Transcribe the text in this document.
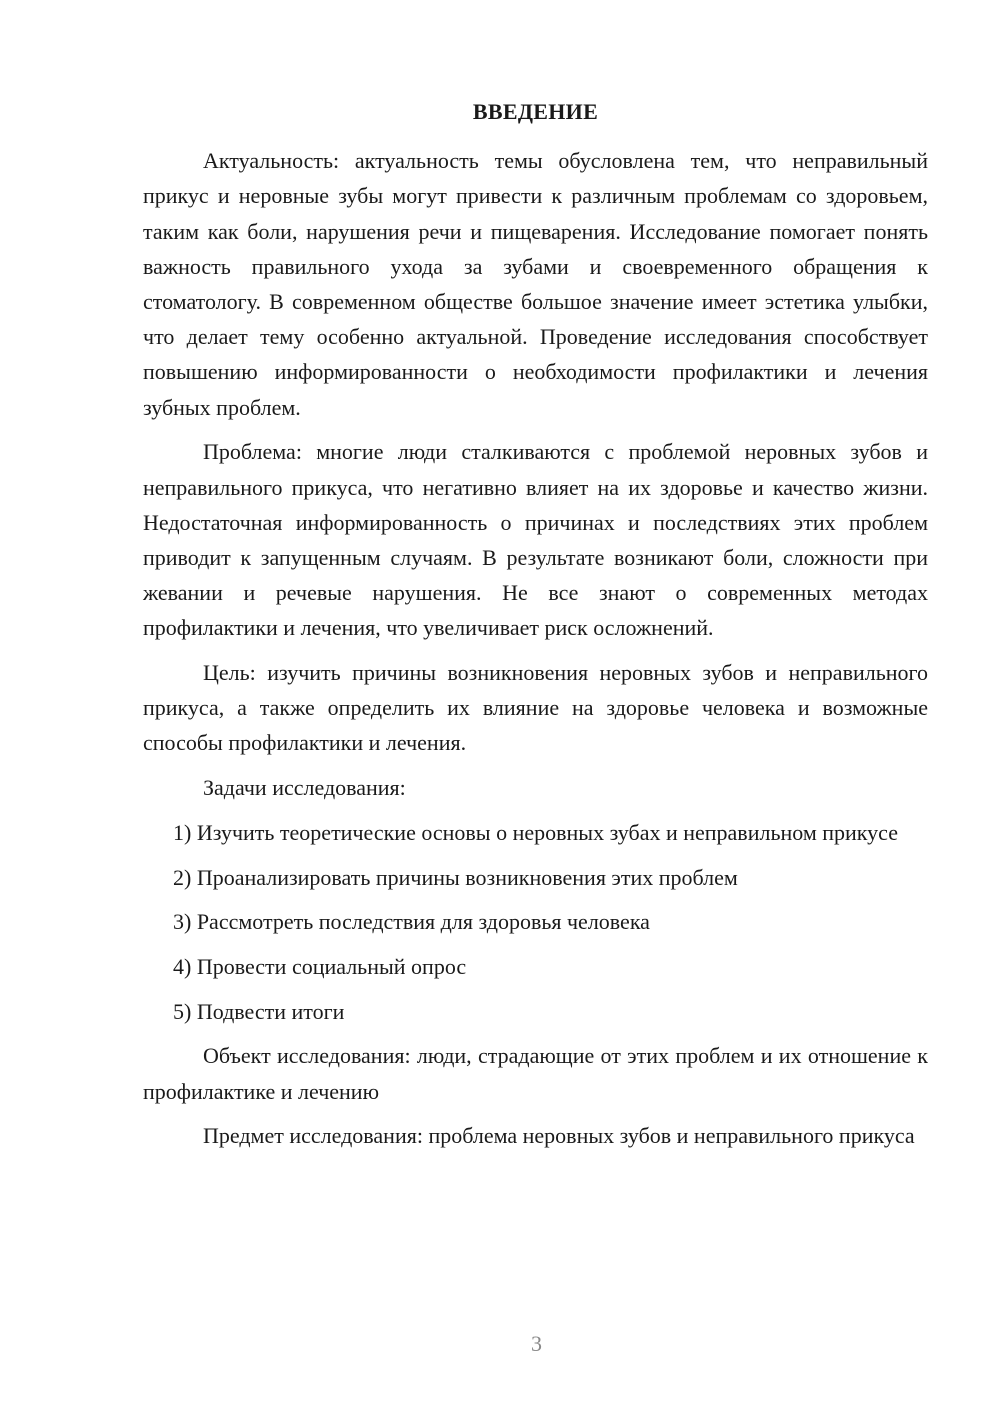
ВВЕДЕНИЕ

Актуальность: актуальность темы обусловлена тем, что неправильный прикус и неровные зубы могут привести к различным проблемам со здоровьем, таким как боли, нарушения речи и пищеварения. Исследование помогает понять важность правильного ухода за зубами и своевременного обращения к стоматологу. В современном обществе большое значение имеет эстетика улыбки, что делает тему особенно актуальной. Проведение исследования способствует повышению информированности о необходимости профилактики и лечения зубных проблем.

Проблема: многие люди сталкиваются с проблемой неровных зубов и неправильного прикуса, что негативно влияет на их здоровье и качество жизни. Недостаточная информированность о причинах и последствиях этих проблем приводит к запущенным случаям. В результате возникают боли, сложности при жевании и речевые нарушения. Не все знают о современных методах профилактики и лечения, что увеличивает риск осложнений.

Цель: изучить причины возникновения неровных зубов и неправильного прикуса, а также определить их влияние на здоровье человека и возможные способы профилактики и лечения.

Задачи исследования:

1) Изучить теоретические основы о неровных зубах и неправильном прикусе

2) Проанализировать причины возникновения этих проблем

3) Рассмотреть последствия для здоровья человека

4) Провести социальный опрос

5) Подвести итоги

Объект исследования: люди, страдающие от этих проблем и их отношение к профилактике и лечению

Предмет исследования: проблема неровных зубов и неправильного прикуса

3
